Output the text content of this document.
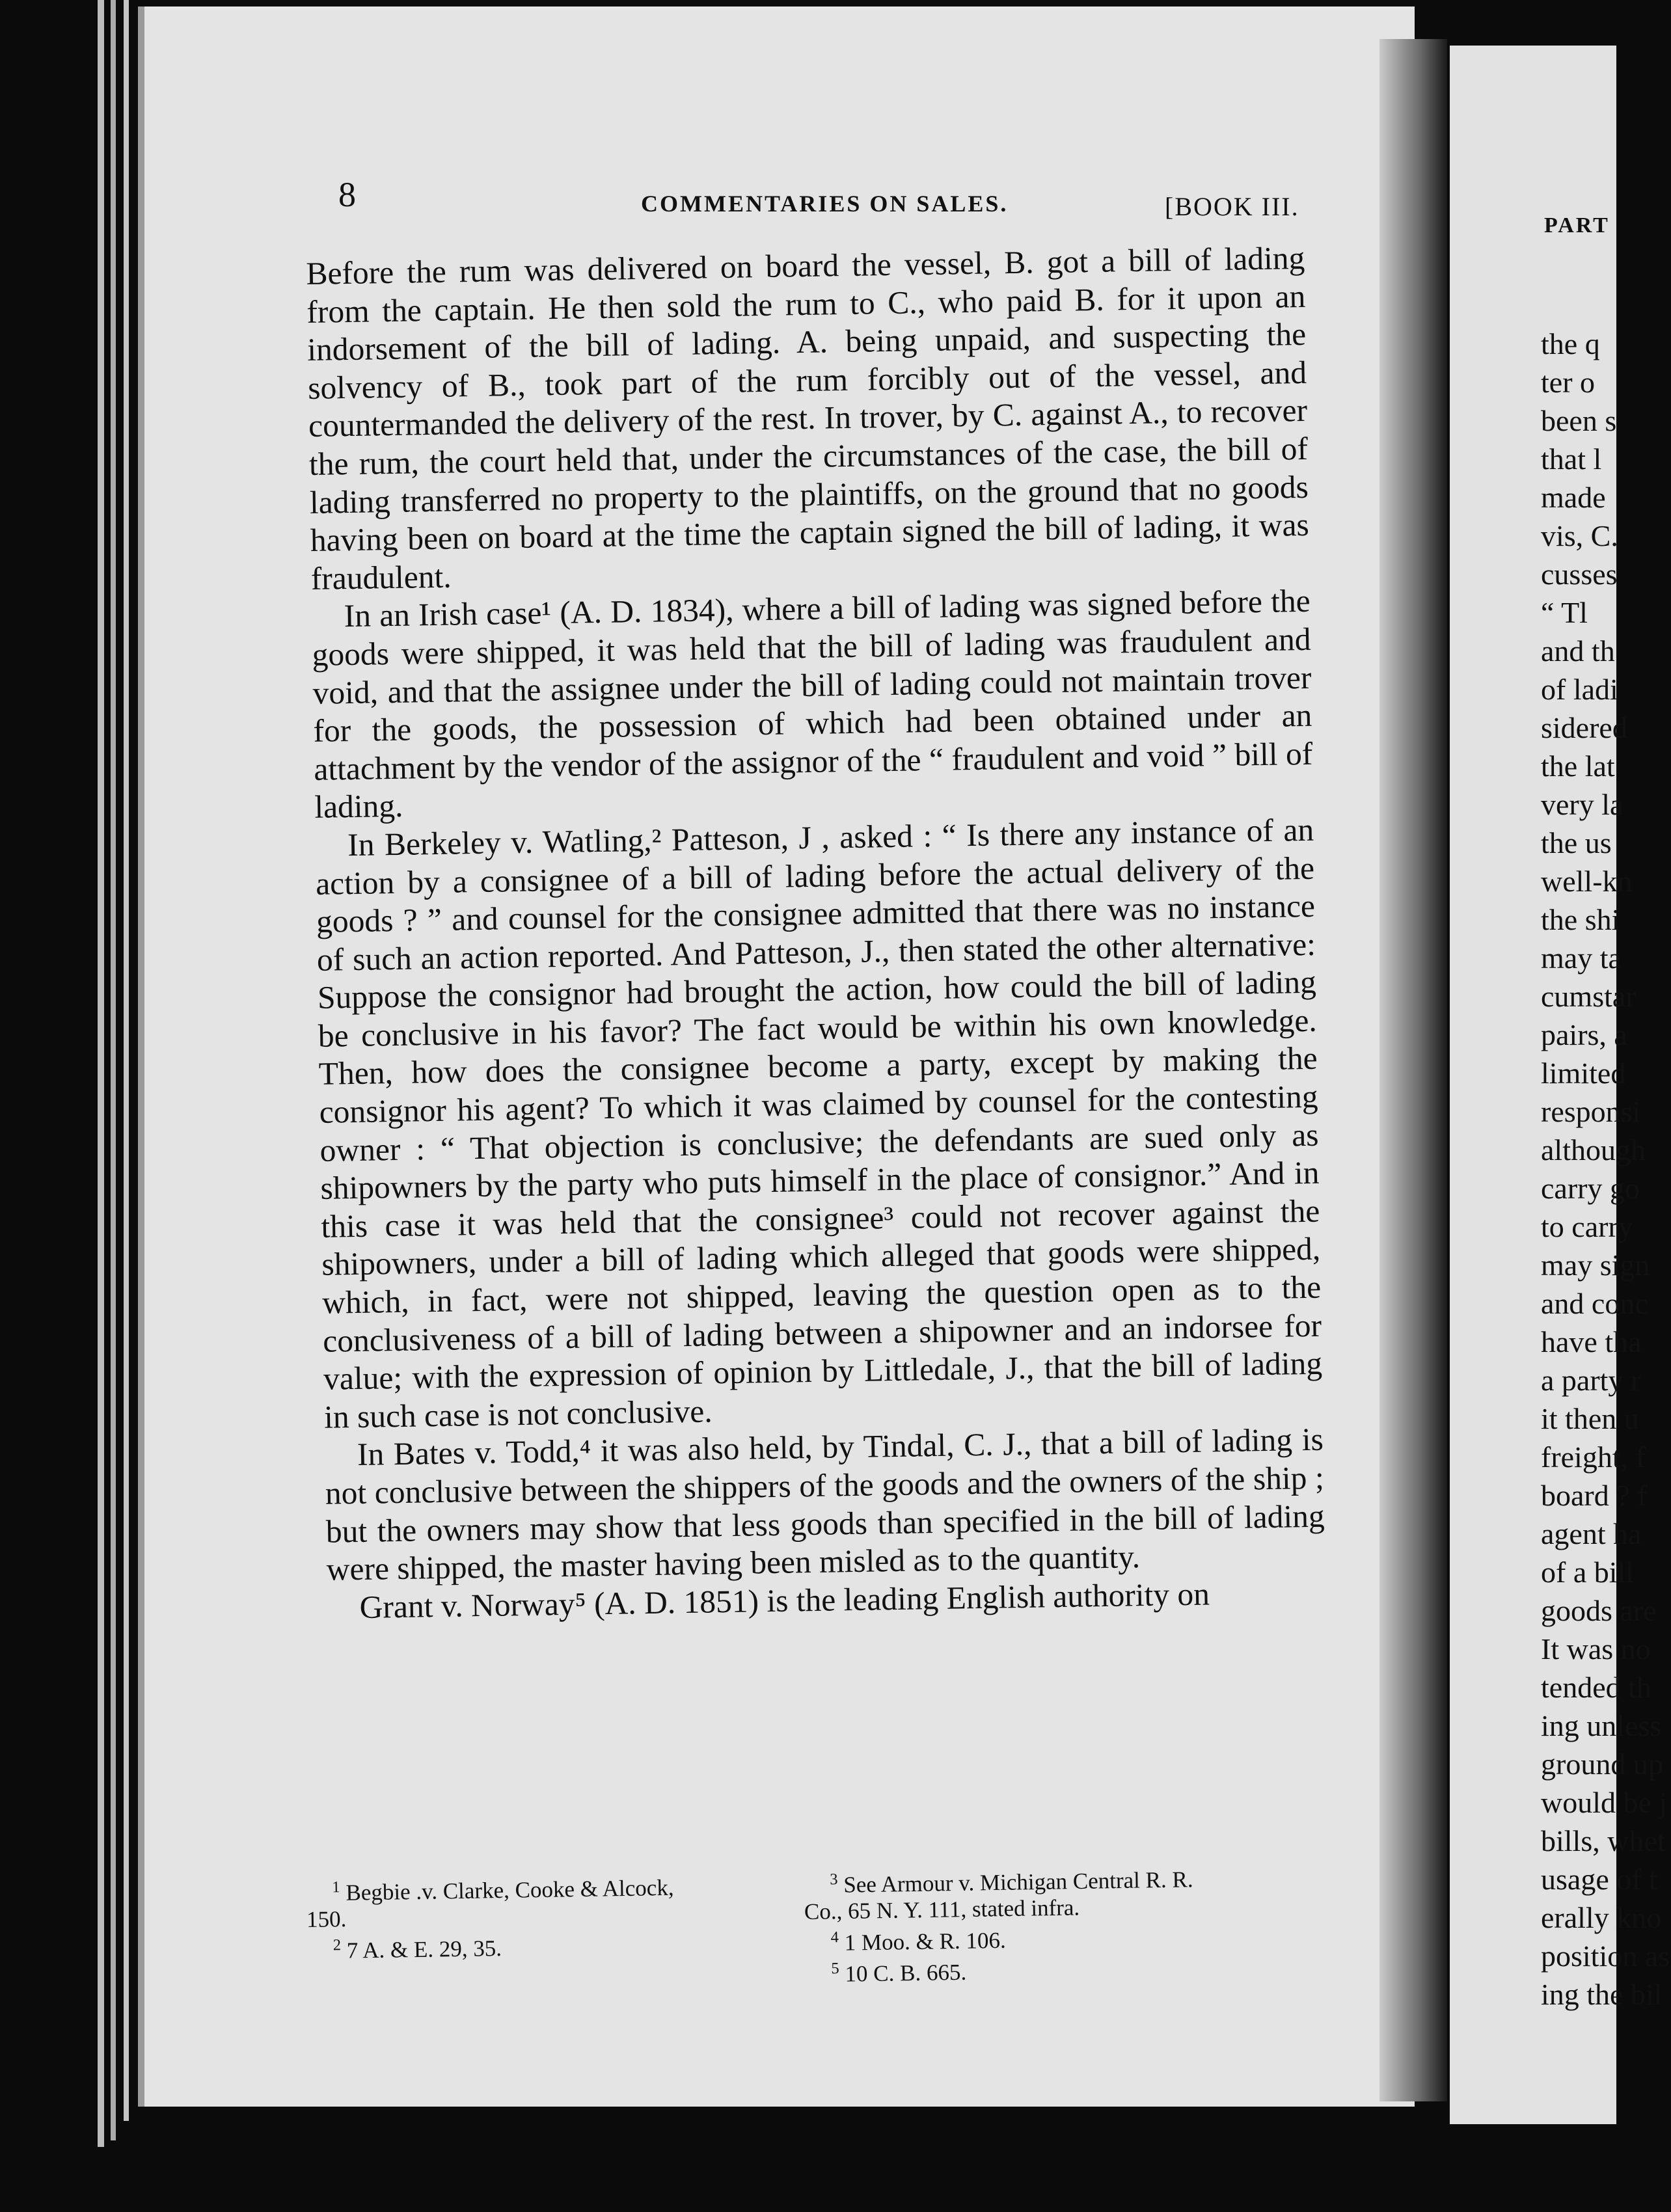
8	COMMENTARIES ON SALES.	[BOOK III.

Before the rum was delivered on board the vessel, B. got a bill of lading from the captain. He then sold the rum to C., who paid B. for it upon an indorsement of the bill of lading. A. being unpaid, and suspecting the solvency of B., took part of the rum forcibly out of the vessel, and countermanded the delivery of the rest. In trover, by C. against A., to recover the rum, the court held that, under the circumstances of the case, the bill of lading transferred no property to the plaintiffs, on the ground that no goods having been on board at the time the captain signed the bill of lading, it was fraudulent.

In an Irish case¹ (A. D. 1834), where a bill of lading was signed before the goods were shipped, it was held that the bill of lading was fraudulent and void, and that the assignee under the bill of lading could not maintain trover for the goods, the possession of which had been obtained under an attachment by the vendor of the assignor of the “ fraudulent and void ” bill of lading.

In Berkeley v. Watling,² Patteson, J , asked : “ Is there any instance of an action by a consignee of a bill of lading before the actual delivery of the goods ? ” and counsel for the consignee admitted that there was no instance of such an action reported. And Patteson, J., then stated the other alternative: Suppose the consignor had brought the action, how could the bill of lading be conclusive in his favor? The fact would be within his own knowledge. Then, how does the consignee become a party, except by making the consignor his agent? To which it was claimed by counsel for the contesting owner : “ That objection is conclusive; the defendants are sued only as shipowners by the party who puts himself in the place of consignor.” And in this case it was held that the consignee³ could not recover against the shipowners, under a bill of lading which alleged that goods were shipped, which, in fact, were not shipped, leaving the question open as to the conclusiveness of a bill of lading between a shipowner and an indorsee for value; with the expression of opinion by Littledale, J., that the bill of lading in such case is not conclusive.

In Bates v. Todd,⁴ it was also held, by Tindal, C. J., that a bill of lading is not conclusive between the shippers of the goods and the owners of the ship ; but the owners may show that less goods than specified in the bill of lading were shipped, the master having been misled as to the quantity.

Grant v. Norway⁵ (A. D. 1851) is the leading English authority on

$^1$ Begbie .v. Clarke, Cooke & Alcock,
150.
$^2$ 7 A. & E. 29, 35.
$^3$ See Armour v. Michigan Central R. R.
Co., 65 N. Y. 111, stated infra.
$^4$ 1 Moo. & R. 106.
$^5$ 10 C. B. 665.
PART
the q
ter o
been s
that l
made
vis, C.
cusses
“ Tl
and th
of ladi
sidered
the lat
very la
the us
well-kn
the shi
may ta
cumstar
pairs, a
limited
responsi
although
carry go
to carry
may sign
and conc
have tha
a party r
it then u
freight, f
board ? f
agent ha
of a bill
goods are
It was no
tended th
ing unless
ground up
would be j
bills, whet
usage of t
erally kno
position as
ing the bil
